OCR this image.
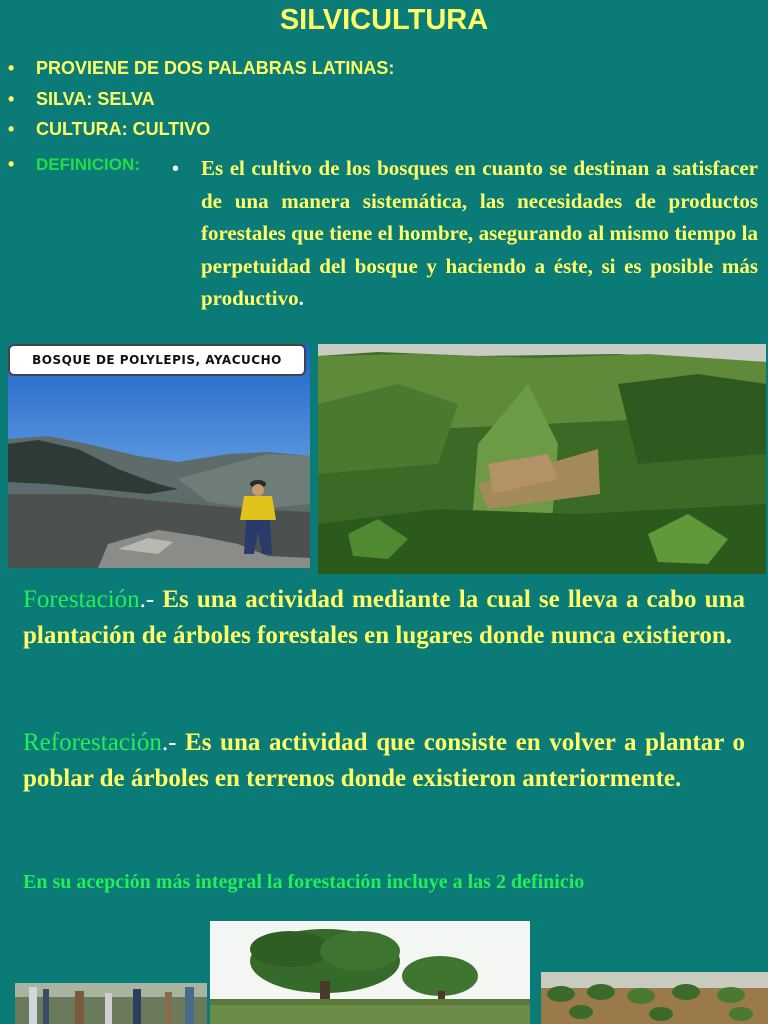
SILVICULTURA
• PROVIENE DE DOS PALABRAS LATINAS:
• SILVA: SELVA
• CULTURA: CULTIVO
• DEFINICION: • Es el cultivo de los bosques en cuanto se destinan a satisfacer de una manera sistemática, las necesidades de productos forestales que tiene el hombre, asegurando al mismo tiempo la perpetuidad del bosque y haciendo a éste, si es posible más productivo.
BOSQUE DE POLYLEPIS, AYACUCHO
Forestación.- Es una actividad mediante la cual se lleva a cabo una plantación de árboles forestales en lugares donde nunca existieron.
Reforestación.- Es una actividad que consiste en volver a plantar o poblar de árboles en terrenos donde existieron anteriormente.
En su acepción más integral la forestación incluye a las 2 definicio
